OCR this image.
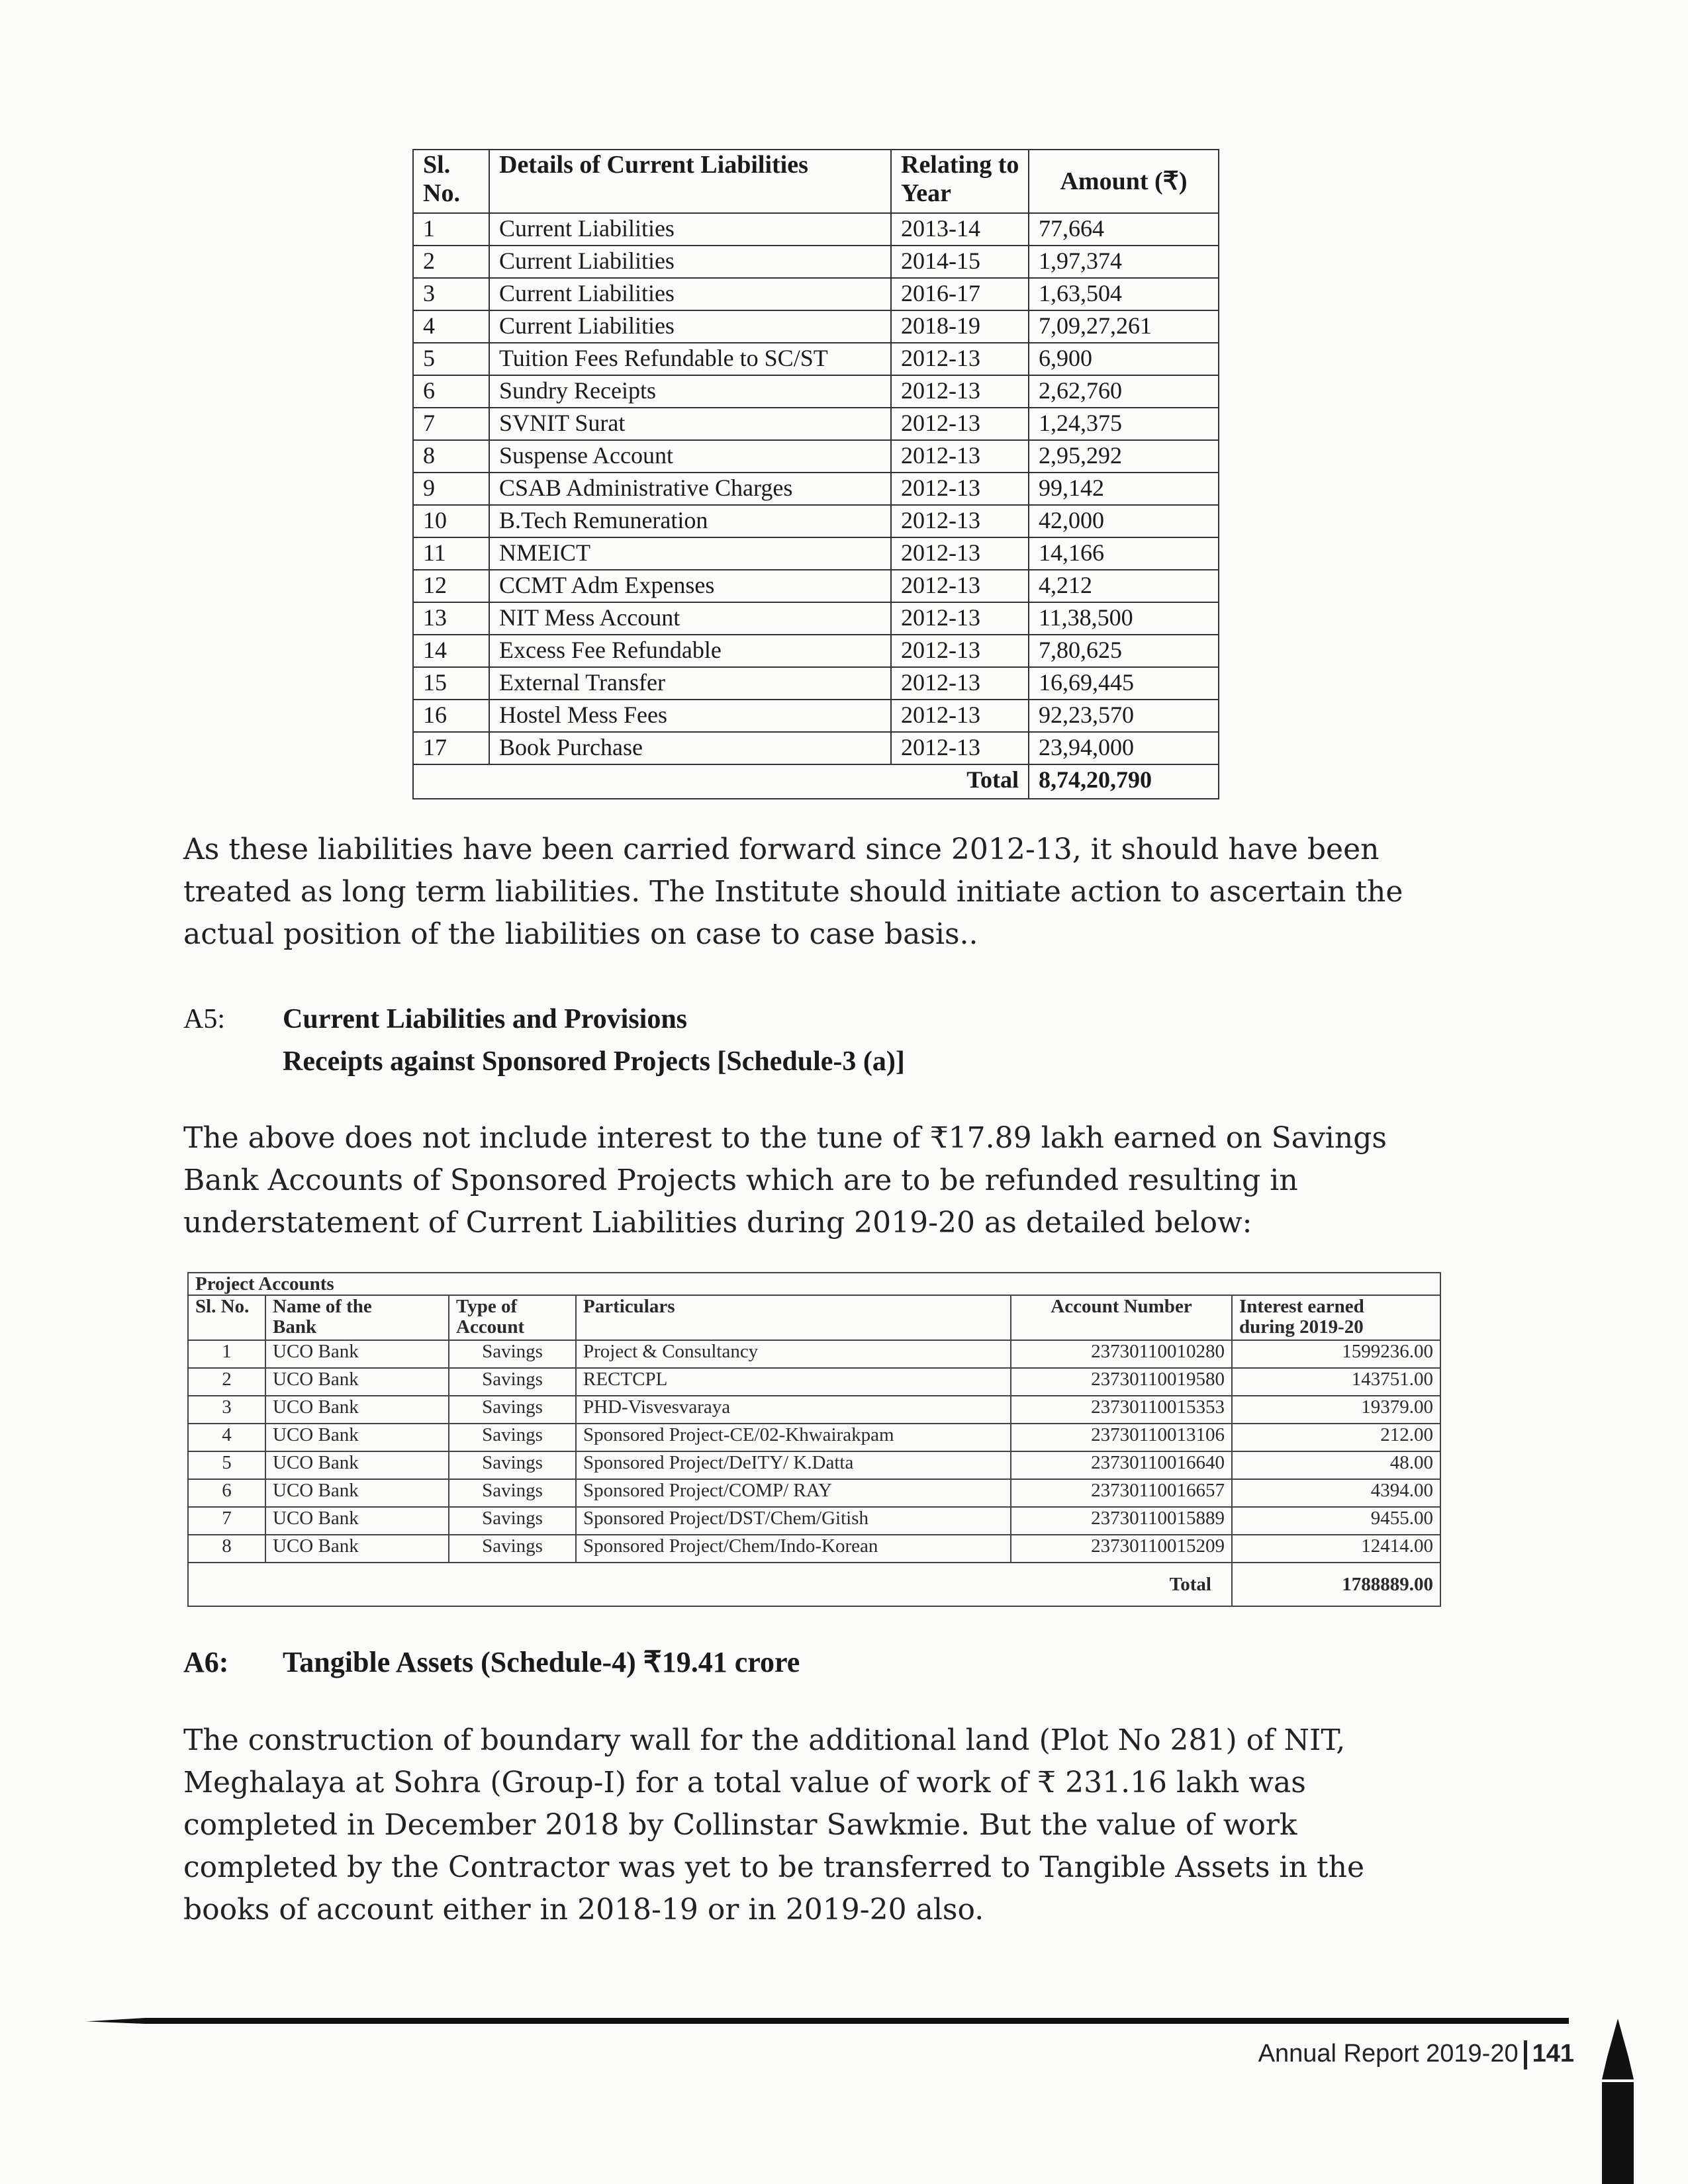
Sl. No.	Details of Current Liabilities	Relating to Year	Amount (₹)
1	Current Liabilities	2013-14	77,664
2	Current Liabilities	2014-15	1,97,374
3	Current Liabilities	2016-17	1,63,504
4	Current Liabilities	2018-19	7,09,27,261
5	Tuition Fees Refundable to SC/ST	2012-13	6,900
6	Sundry Receipts	2012-13	2,62,760
7	SVNIT Surat	2012-13	1,24,375
8	Suspense Account	2012-13	2,95,292
9	CSAB Administrative Charges	2012-13	99,142
10	B.Tech Remuneration	2012-13	42,000
11	NMEICT	2012-13	14,166
12	CCMT Adm Expenses	2012-13	4,212
13	NIT Mess Account	2012-13	11,38,500
14	Excess Fee Refundable	2012-13	7,80,625
15	External Transfer	2012-13	16,69,445
16	Hostel Mess Fees	2012-13	92,23,570
17	Book Purchase	2012-13	23,94,000
Total			8,74,20,790

As these liabilities have been carried forward since 2012-13, it should have been treated as long term liabilities. The Institute should initiate action to ascertain the actual position of the liabilities on case to case basis..

A5: Current Liabilities and Provisions
Receipts against Sponsored Projects [Schedule-3 (a)]

The above does not include interest to the tune of ₹17.89 lakh earned on Savings Bank Accounts of Sponsored Projects which are to be refunded resulting in understatement of Current Liabilities during 2019-20 as detailed below:

Project Accounts					
Sl. No.	Name of the Bank	Type of Account	Particulars	Account Number	Interest earned during 2019-20
1	UCO Bank	Savings	Project & Consultancy	23730110010280	1599236.00
2	UCO Bank	Savings	RECTCPL	23730110019580	143751.00
3	UCO Bank	Savings	PHD-Visvesvaraya	23730110015353	19379.00
4	UCO Bank	Savings	Sponsored Project-CE/02-Khwairakpam	23730110013106	212.00
5	UCO Bank	Savings	Sponsored Project/DeITY/ K.Datta	23730110016640	48.00
6	UCO Bank	Savings	Sponsored Project/COMP/ RAY	23730110016657	4394.00
7	UCO Bank	Savings	Sponsored Project/DST/Chem/Gitish	23730110015889	9455.00
8	UCO Bank	Savings	Sponsored Project/Chem/Indo-Korean	23730110015209	12414.00
Total					1788889.00
A6: Tangible Assets (Schedule-4) ₹19.41 crore

The construction of boundary wall for the additional land (Plot No 281) of NIT, Meghalaya at Sohra (Group-I) for a total value of work of ₹ 231.16 lakh was completed in December 2018 by Collinstar Sawkmie. But the value of work completed by the Contractor was yet to be transferred to Tangible Assets in the books of account either in 2018-19 or in 2019-20 also.

Annual Report 2019-20 141
